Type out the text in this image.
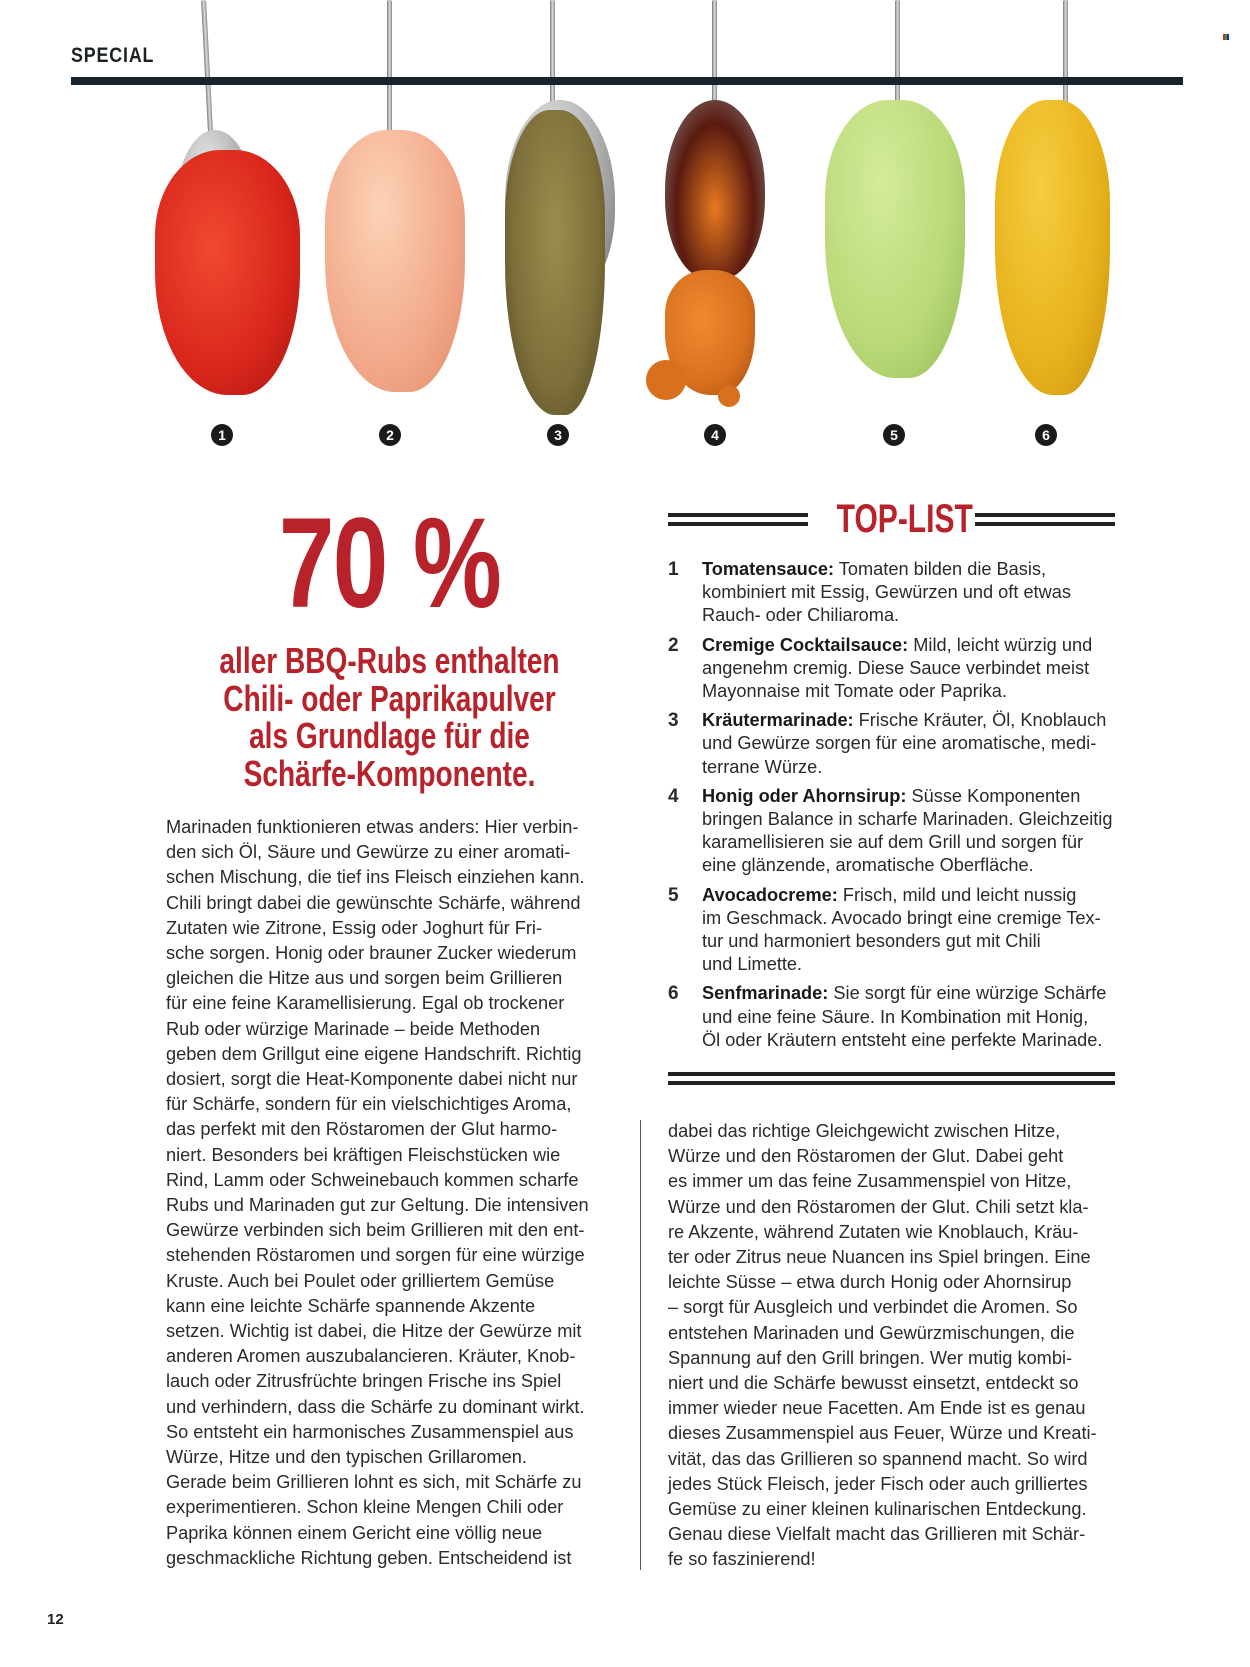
SPECIAL
1	2	3	4	5	6
70 %
aller BBQ-Rubs enthalten
Chili- oder Paprikapulver
als Grundlage für die
Schärfe-Komponente.
Marinaden funktionieren etwas anders: Hier verbin-
den sich Öl, Säure und Gewürze zu einer aromati-
schen Mischung, die tief ins Fleisch einziehen kann.
Chili bringt dabei die gewünschte Schärfe, während
Zutaten wie Zitrone, Essig oder Joghurt für Fri-
sche sorgen. Honig oder brauner Zucker wiederum
gleichen die Hitze aus und sorgen beim Grillieren
für eine feine Karamellisierung. Egal ob trockener
Rub oder würzige Marinade – beide Methoden
geben dem Grillgut eine eigene Handschrift. Richtig
dosiert, sorgt die Heat-Komponente dabei nicht nur
für Schärfe, sondern für ein vielschichtiges Aroma,
das perfekt mit den Röstaromen der Glut harmo-
niert. Besonders bei kräftigen Fleischstücken wie
Rind, Lamm oder Schweinebauch kommen scharfe
Rubs und Marinaden gut zur Geltung. Die intensiven
Gewürze verbinden sich beim Grillieren mit den ent-
stehenden Röstaromen und sorgen für eine würzige
Kruste. Auch bei Poulet oder grilliertem Gemüse
kann eine leichte Schärfe spannende Akzente
setzen. Wichtig ist dabei, die Hitze der Gewürze mit
anderen Aromen auszubalancieren. Kräuter, Knob-
lauch oder Zitrusfrüchte bringen Frische ins Spiel
und verhindern, dass die Schärfe zu dominant wirkt.
So entsteht ein harmonisches Zusammenspiel aus
Würze, Hitze und den typischen Grillaromen.
Gerade beim Grillieren lohnt es sich, mit Schärfe zu
experimentieren. Schon kleine Mengen Chili oder
Paprika können einem Gericht eine völlig neue
geschmackliche Richtung geben. Entscheidend ist
TOP-LIST
1	Tomatensauce: Tomaten bilden die Basis,
kombiniert mit Essig, Gewürzen und oft etwas
Rauch- oder Chiliaroma.
2	Cremige Cocktailsauce: Mild, leicht würzig und
angenehm cremig. Diese Sauce verbindet meist
Mayonnaise mit Tomate oder Paprika.
3	Kräutermarinade: Frische Kräuter, Öl, Knoblauch
und Gewürze sorgen für eine aromatische, medi-
terrane Würze.
4	Honig oder Ahornsirup: Süsse Komponenten
bringen Balance in scharfe Marinaden. Gleichzeitig
karamellisieren sie auf dem Grill und sorgen für
eine glänzende, aromatische Oberfläche.
5	Avocadocreme: Frisch, mild und leicht nussig
im Geschmack. Avocado bringt eine cremige Tex-
tur und harmoniert besonders gut mit Chili
und Limette.
6	Senfmarinade: Sie sorgt für eine würzige Schärfe
und eine feine Säure. In Kombination mit Honig,
Öl oder Kräutern entsteht eine perfekte Marinade.
dabei das richtige Gleichgewicht zwischen Hitze,
Würze und den Röstaromen der Glut. Dabei geht
es immer um das feine Zusammenspiel von Hitze,
Würze und den Röstaromen der Glut. Chili setzt kla-
re Akzente, während Zutaten wie Knoblauch, Kräu-
ter oder Zitrus neue Nuancen ins Spiel bringen. Eine
leichte Süsse – etwa durch Honig oder Ahornsirup
– sorgt für Ausgleich und verbindet die Aromen. So
entstehen Marinaden und Gewürzmischungen, die
Spannung auf den Grill bringen. Wer mutig kombi-
niert und die Schärfe bewusst einsetzt, entdeckt so
immer wieder neue Facetten. Am Ende ist es genau
dieses Zusammenspiel aus Feuer, Würze und Kreati-
vität, das das Grillieren so spannend macht. So wird
jedes Stück Fleisch, jeder Fisch oder auch grilliertes
Gemüse zu einer kleinen kulinarischen Entdeckung.
Genau diese Vielfalt macht das Grillieren mit Schär-
fe so faszinierend!
12
